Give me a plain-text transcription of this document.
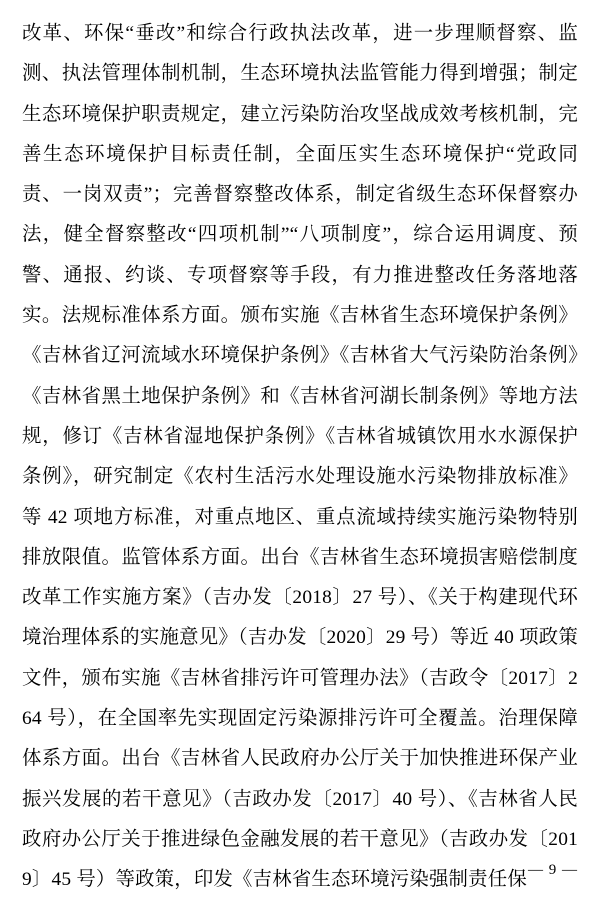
改革、环保“垂改”和综合行政执法改革，进一步理顺督察、监测、执法管理体制机制，生态环境执法监管能力得到增强；制定生态环境保护职责规定，建立污染防治攻坚战成效考核机制，完善生态环境保护目标责任制，全面压实生态环境保护“党政同责、一岗双责”；完善督察整改体系，制定省级生态环保督察办法，健全督察整改“四项机制”“八项制度”，综合运用调度、预警、通报、约谈、专项督察等手段，有力推进整改任务落地落实。法规标准体系方面。颁布实施《吉林省生态环境保护条例》《吉林省辽河流域水环境保护条例》《吉林省大气污染防治条例》《吉林省黑土地保护条例》和《吉林省河湖长制条例》等地方法规，修订《吉林省湿地保护条例》《吉林省城镇饮用水水源保护条例》，研究制定《农村生活污水处理设施水污染物排放标准》等 42 项地方标准，对重点地区、重点流域持续实施污染物特别排放限值。监管体系方面。出台《吉林省生态环境损害赔偿制度改革工作实施方案》（吉办发〔2018〕27 号）、《关于构建现代环境治理体系的实施意见》（吉办发〔2020〕29 号）等近 40 项政策文件，颁布实施《吉林省排污许可管理办法》（吉政令〔2017〕264 号），在全国率先实现固定污染源排污许可全覆盖。治理保障体系方面。出台《吉林省人民政府办公厅关于加快推进环保产业振兴发展的若干意见》（吉政办发〔2017〕40 号）、《吉林省人民政府办公厅关于推进绿色金融发展的若干意见》（吉政办发〔2019〕45 号）等政策，印发《吉林省生态环境污染强制责任保 — 9 —
